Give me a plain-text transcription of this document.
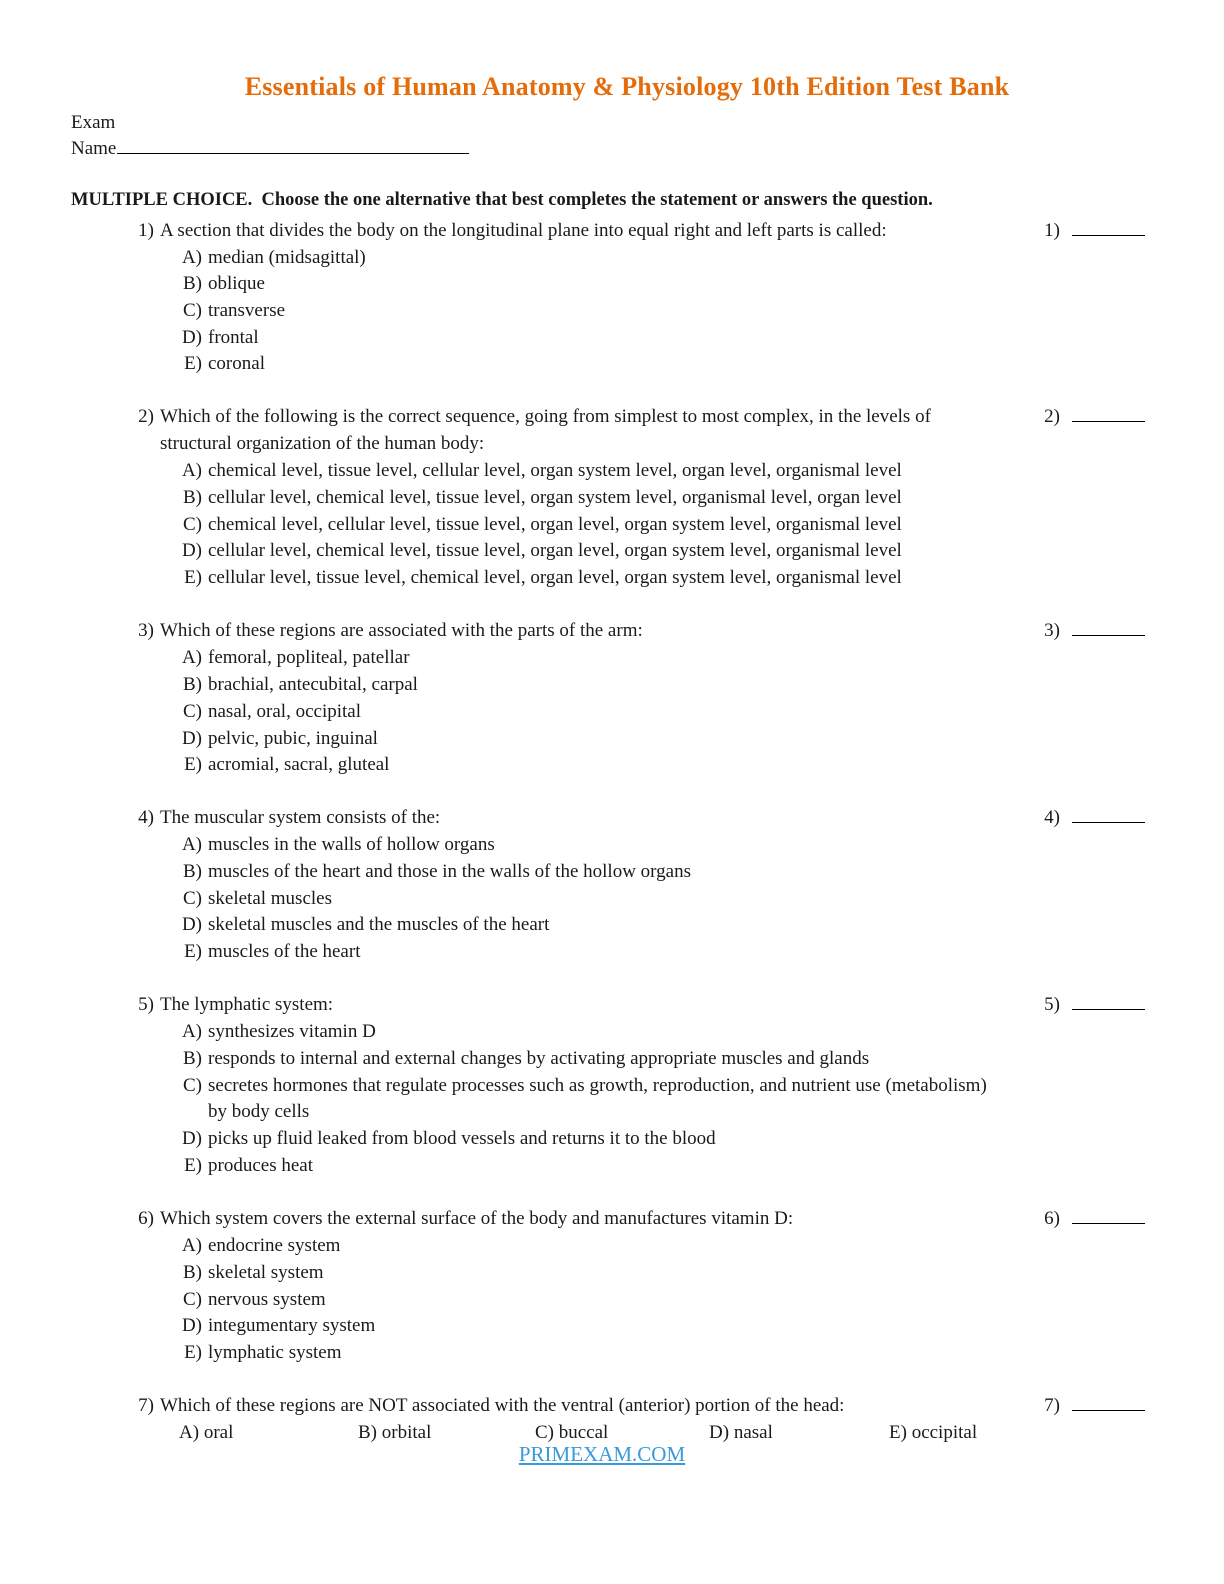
Essentials of Human Anatomy & Physiology 10th Edition Test Bank
Exam
Name
MULTIPLE CHOICE. Choose the one alternative that best completes the statement or answers the question.
1) A section that divides the body on the longitudinal plane into equal right and left parts is called:	1)
A) median (midsagittal)
B) oblique
C) transverse
D) frontal
E) coronal
2) Which of the following is the correct sequence, going from simplest to most complex, in the levels of structural organization of the human body:
2)
A) chemical level, tissue level, cellular level, organ system level, organ level, organismal level
B) cellular level, chemical level, tissue level, organ system level, organismal level, organ level
C) chemical level, cellular level, tissue level, organ level, organ system level, organismal level
D) cellular level, chemical level, tissue level, organ level, organ system level, organismal level
E) cellular level, tissue level, chemical level, organ level, organ system level, organismal level
3) Which of these regions are associated with the parts of the arm:	3)
A) femoral, popliteal, patellar
B) brachial, antecubital, carpal
C) nasal, oral, occipital
D) pelvic, pubic, inguinal
E) acromial, sacral, gluteal
4) The muscular system consists of the:	4)
A) muscles in the walls of hollow organs
B) muscles of the heart and those in the walls of the hollow organs
C) skeletal muscles
D) skeletal muscles and the muscles of the heart
E) muscles of the heart
5) The lymphatic system:	5)
A) synthesizes vitamin D
B) responds to internal and external changes by activating appropriate muscles and glands
C) secretes hormones that regulate processes such as growth, reproduction, and nutrient use (metabolism) by body cells
D) picks up fluid leaked from blood vessels and returns it to the blood
E) produces heat
6) Which system covers the external surface of the body and manufactures vitamin D:	6)
A) endocrine system
B) skeletal system
C) nervous system
D) integumentary system
E) lymphatic system
7) Which of these regions are NOT associated with the ventral (anterior) portion of the head:	7)
A) oral	B) orbital	C) buccal	D) nasal	E) occipital
PRIMEXAM.COM
